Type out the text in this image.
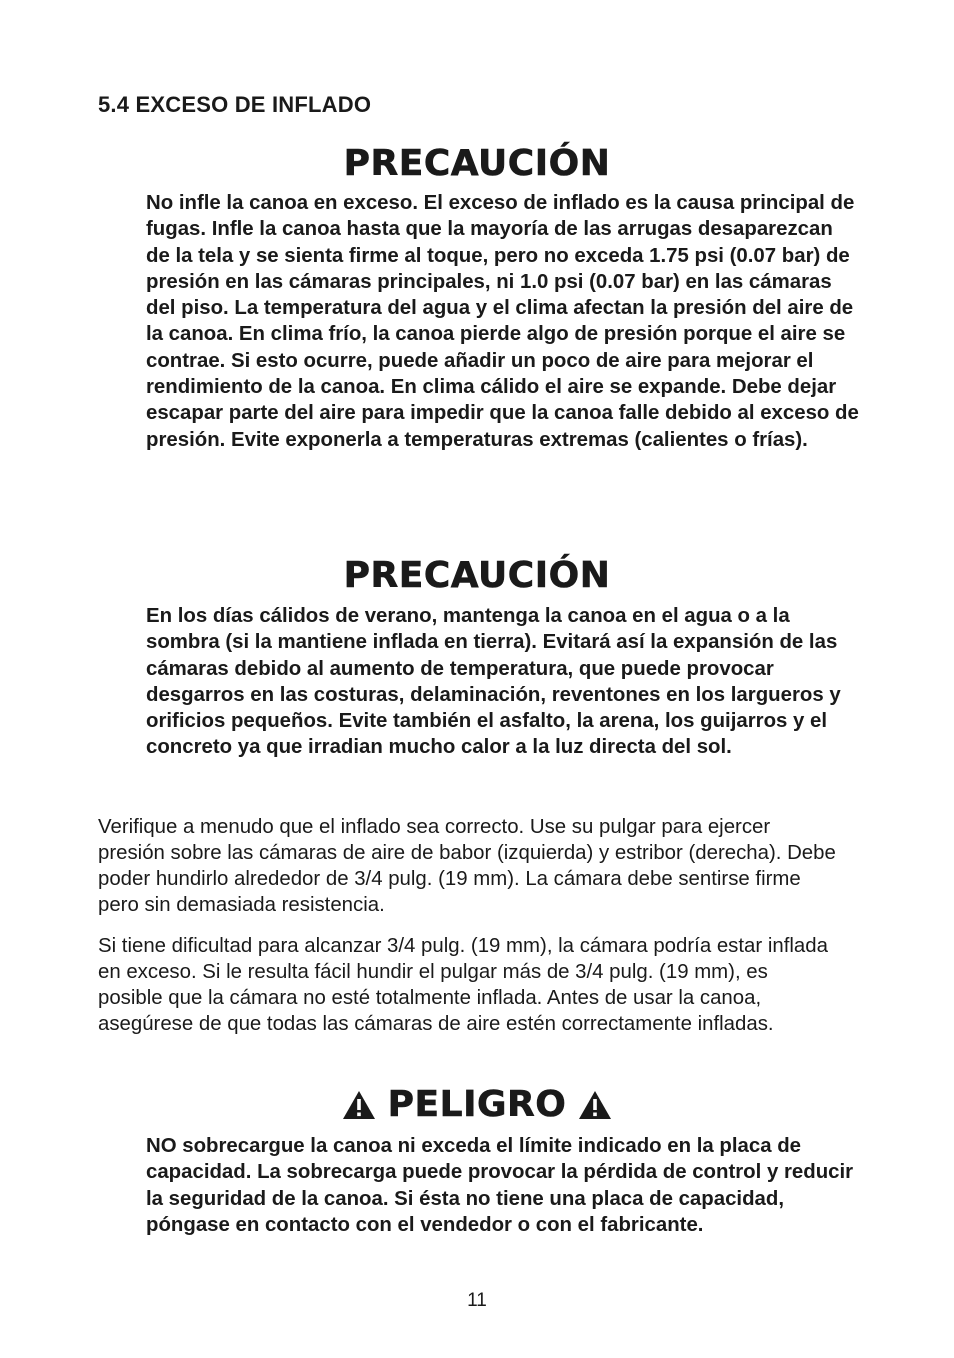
5.4 EXCESO DE INFLADO
PRECAUCIÓN

No infle la canoa en exceso. El exceso de inflado es la causa principal de fugas. Infle la canoa hasta que la mayoría de las arrugas desaparezcan de la tela y se sienta firme al toque, pero no exceda 1.75 psi (0.07 bar) de presión en las cámaras principales, ni 1.0 psi (0.07 bar) en las cámaras del piso. La temperatura del agua y el clima afectan la presión del aire de la canoa. En clima frío, la canoa pierde algo de presión porque el aire se contrae. Si esto ocurre, puede añadir un poco de aire para mejorar el rendimiento de la canoa. En clima cálido el aire se expande. Debe dejar escapar parte del aire para impedir que la canoa falle debido al exceso de presión. Evite exponerla a temperaturas extremas (calientes o frías).

PRECAUCIÓN

En los días cálidos de verano, mantenga la canoa en el agua o a la sombra (si la mantiene inflada en tierra). Evitará así la expansión de las cámaras debido al aumento de temperatura, que puede provocar desgarros en las costuras, delaminación, reventones en los largueros y orificios pequeños. Evite también el asfalto, la arena, los guijarros y el concreto ya que irradian mucho calor a la luz directa del sol.

Verifique a menudo que el inflado sea correcto. Use su pulgar para ejercer presión sobre las cámaras de aire de babor (izquierda) y estribor (derecha). Debe poder hundirlo alrededor de 3/4 pulg. (19 mm). La cámara debe sentirse firme pero sin demasiada resistencia.

Si tiene dificultad para alcanzar 3/4 pulg. (19 mm), la cámara podría estar inflada en exceso. Si le resulta fácil hundir el pulgar más de 3/4 pulg. (19 mm), es posible que la cámara no esté totalmente inflada. Antes de usar la canoa, asegúrese de que todas las cámaras de aire estén correctamente infladas.

PELIGRO

NO sobrecargue la canoa ni exceda el límite indicado en la placa de capacidad. La sobrecarga puede provocar la pérdida de control y reducir la seguridad de la canoa. Si ésta no tiene una placa de capacidad, póngase en contacto con el vendedor o con el fabricante.

11
